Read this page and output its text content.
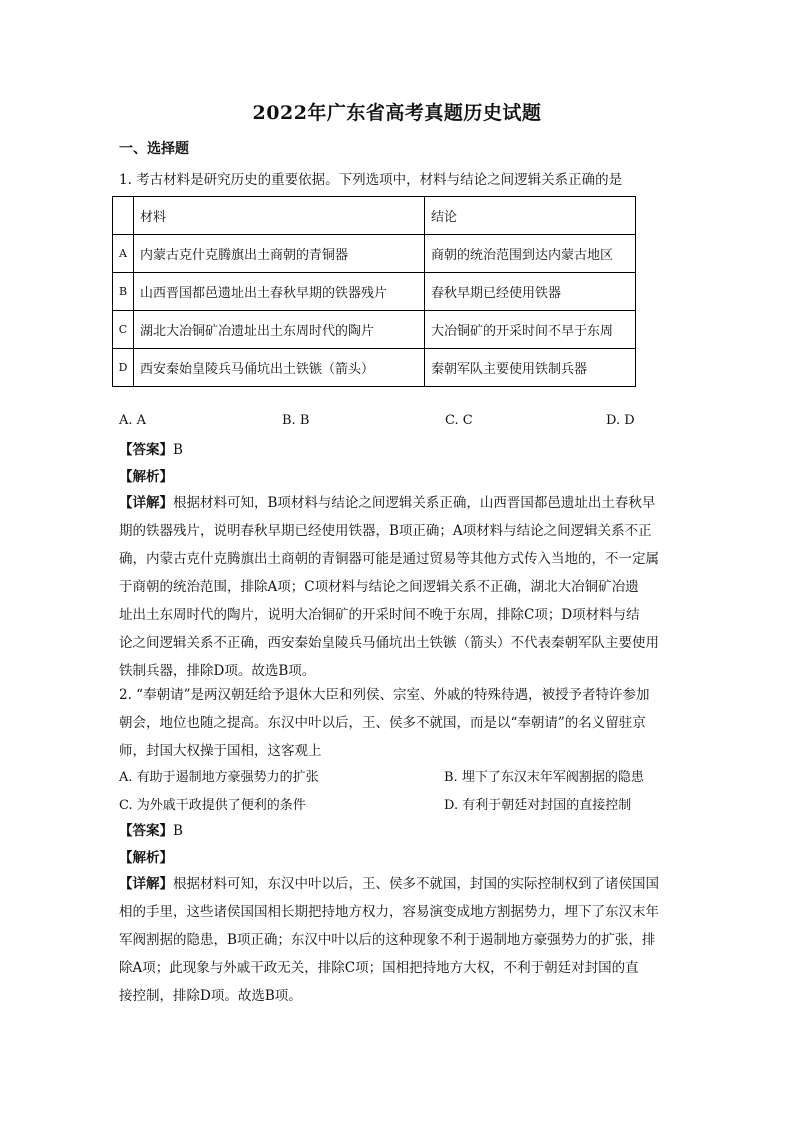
2022年广东省高考真题历史试题
一、选择题
1. 考古材料是研究历史的重要依据。下列选项中，材料与结论之间逻辑关系正确的是
	材料	结论
A	内蒙古克什克腾旗出土商朝的青铜器	商朝的统治范围到达内蒙古地区
B	山西晋国都邑遗址出土春秋早期的铁器残片	春秋早期已经使用铁器
C	湖北大冶铜矿冶遗址出土东周时代的陶片	大冶铜矿的开采时间不早于东周
D	西安秦始皇陵兵马俑坑出土铁镞（箭头）	秦朝军队主要使用铁制兵器
A. A	B. B	C. C	D. D
【答案】B
【解析】
【详解】根据材料可知，B项材料与结论之间逻辑关系正确，山西晋国都邑遗址出土春秋早
期的铁器残片，说明春秋早期已经使用铁器，B项正确；A项材料与结论之间逻辑关系不正
确，内蒙古克什克腾旗出土商朝的青铜器可能是通过贸易等其他方式传入当地的，不一定属
于商朝的统治范围，排除A项；C项材料与结论之间逻辑关系不正确，湖北大冶铜矿冶遗
址出土东周时代的陶片，说明大冶铜矿的开采时间不晚于东周，排除C项；D项材料与结
论之间逻辑关系不正确，西安秦始皇陵兵马俑坑出土铁镞（箭头）不代表秦朝军队主要使用
铁制兵器，排除D项。故选B项。
2. “奉朝请”是两汉朝廷给予退休大臣和列侯、宗室、外戚的特殊待遇，被授予者特许参加
朝会，地位也随之提高。东汉中叶以后，王、侯多不就国，而是以“奉朝请”的名义留驻京
师，封国大权操于国相，这客观上
A. 有助于遏制地方豪强势力的扩张	B. 埋下了东汉末年军阀割据的隐患
C. 为外戚干政提供了便利的条件	D. 有利于朝廷对封国的直接控制
【答案】B
【解析】
【详解】根据材料可知，东汉中叶以后，王、侯多不就国，封国的实际控制权到了诸侯国国
相的手里，这些诸侯国国相长期把持地方权力，容易演变成地方割据势力，埋下了东汉末年
军阀割据的隐患，B项正确；东汉中叶以后的这种现象不利于遏制地方豪强势力的扩张，排
除A项；此现象与外戚干政无关，排除C项；国相把持地方大权，不利于朝廷对封国的直
接控制，排除D项。故选B项。
